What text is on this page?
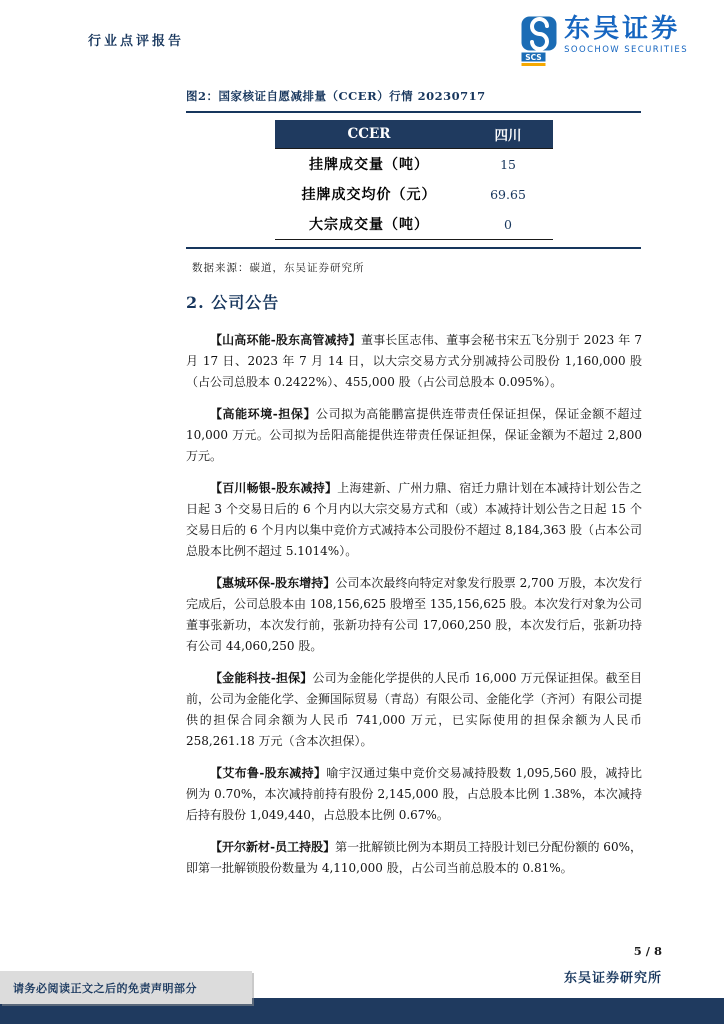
行业点评报告
SCS
东吴证券
SOOCHOW SECURITIES
图2：国家核证自愿减排量（CCER）行情 20230717
CCER	四川
挂牌成交量（吨）	15
挂牌成交均价（元）	69.65
大宗成交量（吨）	0
数据来源：碳道，东吴证券研究所
2. 公司公告

【山高环能-股东高管减持】董事长匡志伟、董事会秘书宋五飞分别于 2023 年 7 月 17 日、2023 年 7 月 14 日，以大宗交易方式分别减持公司股份 1,160,000 股（占公司总股本 0.2422%）、455,000 股（占公司总股本 0.095%）。

【高能环境-担保】公司拟为高能鹏富提供连带责任保证担保，保证金额不超过 10,000 万元。公司拟为岳阳高能提供连带责任保证担保，保证金额为不超过 2,800 万元。

【百川畅银-股东减持】上海建新、广州力鼎、宿迁力鼎计划在本减持计划公告之日起 3 个交易日后的 6 个月内以大宗交易方式和（或）本减持计划公告之日起 15 个交易日后的 6 个月内以集中竞价方式减持本公司股份不超过 8,184,363 股（占本公司总股本比例不超过 5.1014%）。

【惠城环保-股东增持】公司本次最终向特定对象发行股票 2,700 万股，本次发行完成后，公司总股本由 108,156,625 股增至 135,156,625 股。本次发行对象为公司董事张新功，本次发行前，张新功持有公司 17,060,250 股，本次发行后，张新功持有公司 44,060,250 股。

【金能科技-担保】公司为金能化学提供的人民币 16,000 万元保证担保。截至目前，公司为金能化学、金狮国际贸易（青岛）有限公司、金能化学（齐河）有限公司提供的担保合同余额为人民币 741,000 万元，已实际使用的担保余额为人民币 258,261.18 万元（含本次担保）。

【艾布鲁-股东减持】喻宇汉通过集中竞价交易减持股数 1,095,560 股，减持比例为 0.70%，本次减持前持有股份 2,145,000 股，占总股本比例 1.38%，本次减持后持有股份 1,049,440，占总股本比例 0.67%。

【开尔新材-员工持股】第一批解锁比例为本期员工持股计划已分配份额的 60%，即第一批解锁股份数量为 4,110,000 股，占公司当前总股本的 0.81%。

5 / 8
东吴证券研究所
请务必阅读正文之后的免责声明部分
